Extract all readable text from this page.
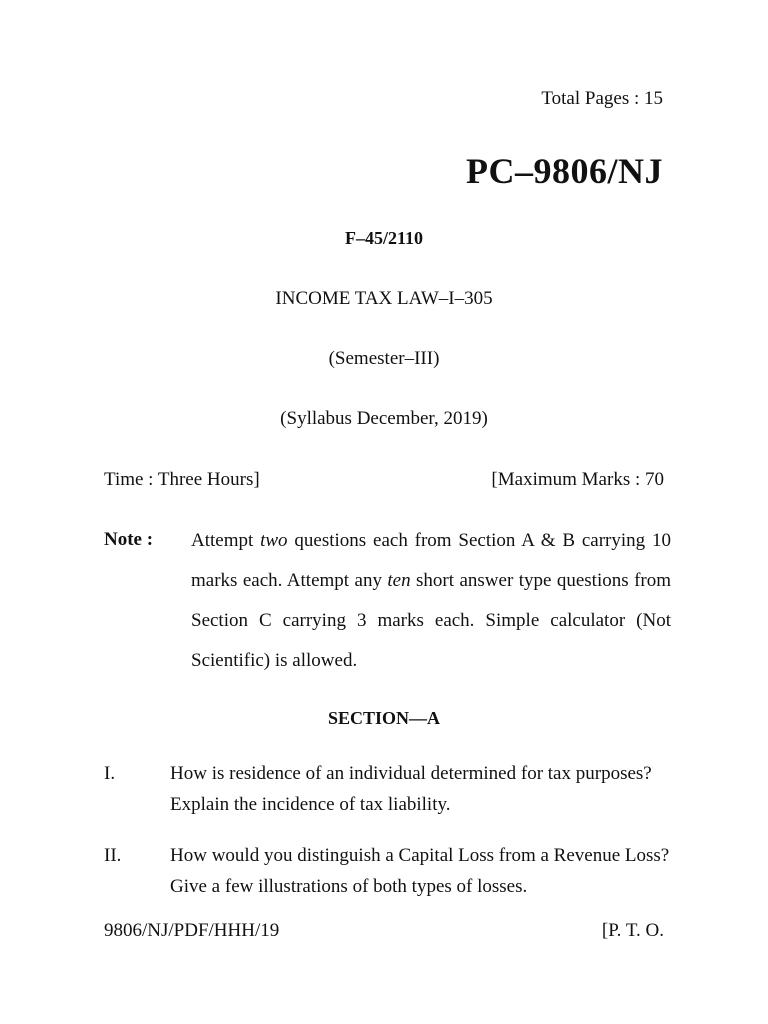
Total Pages : 15
PC–9806/NJ
F–45/2110
INCOME TAX LAW–I–305
(Semester–III)
(Syllabus December, 2019)
Time : Three Hours]	[Maximum Marks : 70
Note : Attempt two questions each from Section A & B carrying 10 marks each. Attempt any ten short answer type questions from Section C carrying 3 marks each. Simple calculator (Not Scientific) is allowed.
SECTION—A
I.	How is residence of an individual determined for tax purposes? Explain the incidence of tax liability.
II.	How would you distinguish a Capital Loss from a Revenue Loss? Give a few illustrations of both types of losses.
9806/NJ/PDF/HHH/19	[P. T. O.
